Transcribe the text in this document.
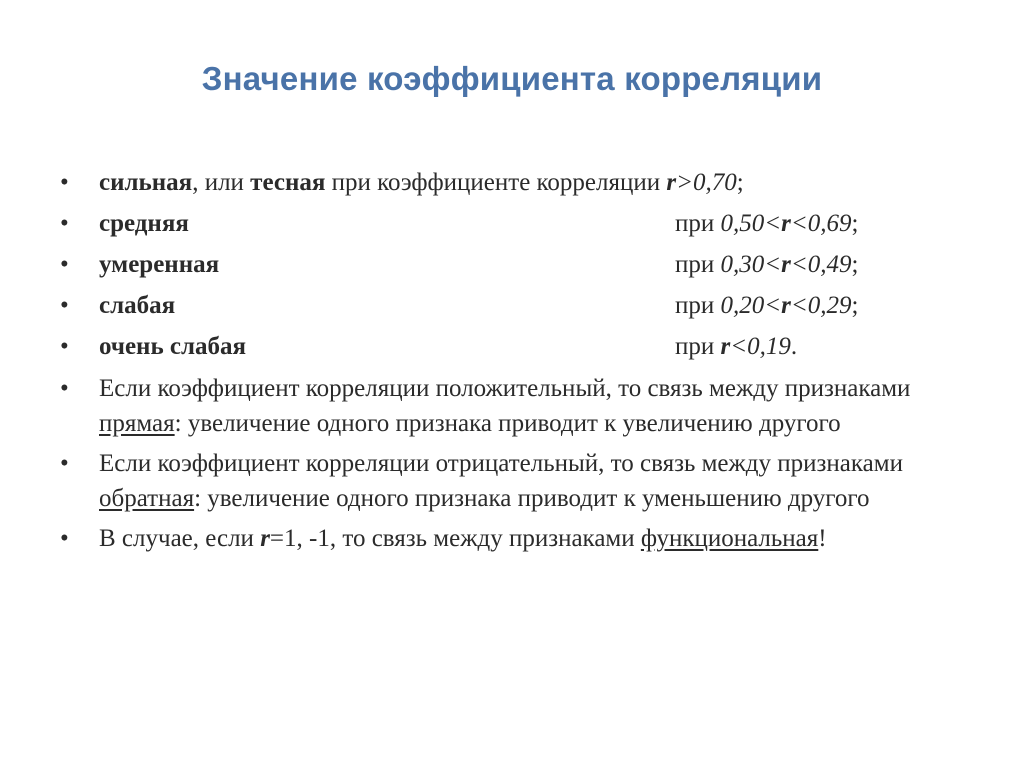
Значение коэффициента корреляции
• сильная, или тесная при коэффициенте корреляции r>0,70;
• средняя	при 0,50<r<0,69;
• умеренная	при 0,30<r<0,49;
• слабая	при 0,20<r<0,29;
• очень слабая	при r<0,19.
• Если коэффициент корреляции положительный, то связь между признаками прямая: увеличение одного признака приводит к увеличению другого
• Если коэффициент корреляции отрицательный, то связь между признаками обратная: увеличение одного признака приводит к уменьшению другого
• В случае, если r=1, -1, то связь между признаками функциональная!
